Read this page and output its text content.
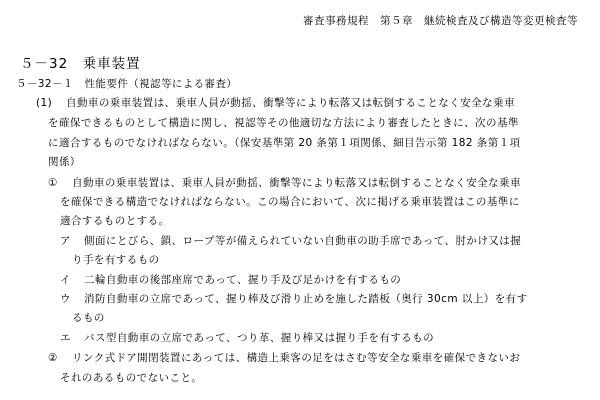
審査事務規程　第５章　継続検査及び構造等変更検査等
５－32　乗車装置
５－32－１　性能要件（視認等による審査）
(1) 自動車の乗車装置は、乗車人員が動揺、衝撃等により転落又は転倒することなく安全な乗車
を確保できるものとして構造に関し、視認等その他適切な方法により審査したときに、次の基準
に適合するものでなければならない。（保安基準第 20 条第１項関係、細目告示第 182 条第１項
関係）
① 自動車の乗車装置は、乗車人員が動揺、衝撃等により転落又は転倒することなく安全な乗車
を確保できる構造でなければならない。この場合において、次に掲げる乗車装置はこの基準に
適合するものとする。
ア 側面にとびら、鎖、ロープ等が備えられていない自動車の助手席であって、肘かけ又は握
り手を有するもの
イ 二輪自動車の後部座席であって、握り手及び足かけを有するもの
ウ 消防自動車の立席であって、握り棒及び滑り止めを施した踏板（奥行 30cm 以上）を有す
るもの
エ バス型自動車の立席であって、つり革、握り棒又は握り手を有するもの
② リンク式ドア開閉装置にあっては、構造上乗客の足をはさむ等安全な乗車を確保できないお
それのあるものでないこと。
